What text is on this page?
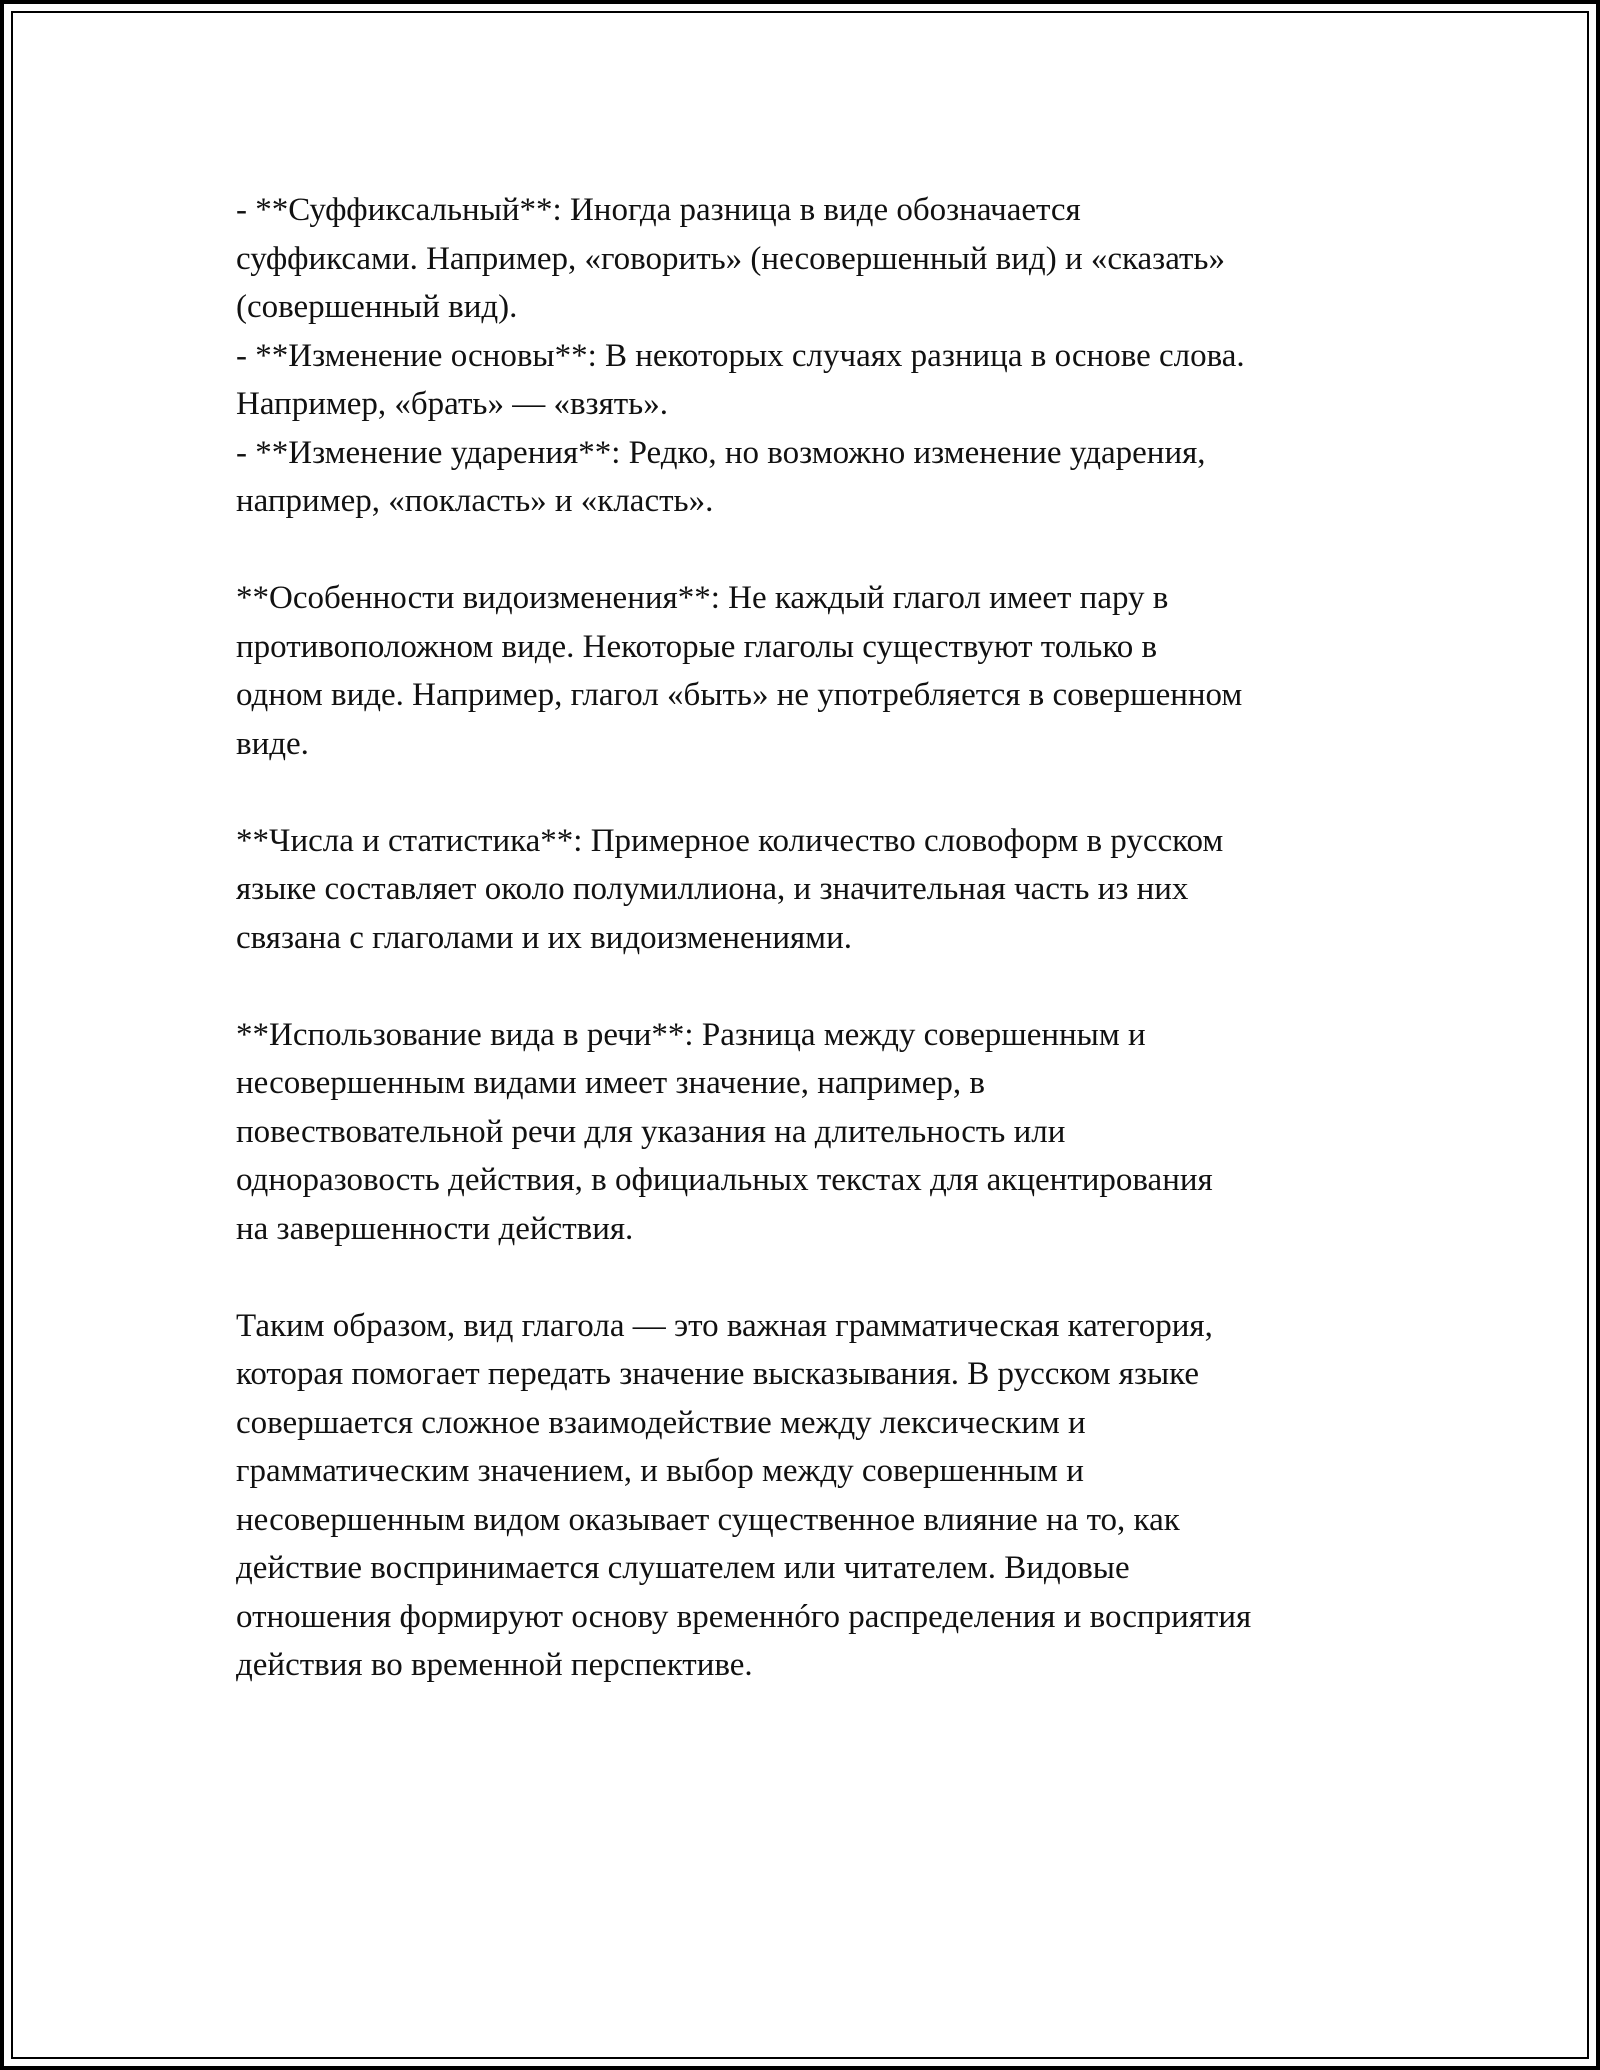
- **Суффиксальный**: Иногда разница в виде обозначается
суффиксами. Например, «говорить» (несовершенный вид) и «сказать»
(совершенный вид).
- **Изменение основы**: В некоторых случаях разница в основе слова.
Например, «брать» — «взять».
- **Изменение ударения**: Редко, но возможно изменение ударения,
например, «покласть» и «класть».
**Особенности видоизменения**: Не каждый глагол имеет пару в
противоположном виде. Некоторые глаголы существуют только в
одном виде. Например, глагол «быть» не употребляется в совершенном
виде.
**Числа и статистика**: Примерное количество словоформ в русском
языке составляет около полумиллиона, и значительная часть из них
связана с глаголами и их видоизменениями.
**Использование вида в речи**: Разница между совершенным и
несовершенным видами имеет значение, например, в
повествовательной речи для указания на длительность или
одноразовость действия, в официальных текстах для акцентирования
на завершенности действия.
Таким образом, вид глагола — это важная грамматическая категория,
которая помогает передать значение высказывания. В русском языке
совершается сложное взаимодействие между лексическим и
грамматическим значением, и выбор между совершенным и
несовершенным видом оказывает существенное влияние на то, как
действие воспринимается слушателем или читателем. Видовые
отношения формируют основу временнóго распределения и восприятия
действия во временной перспективе.
